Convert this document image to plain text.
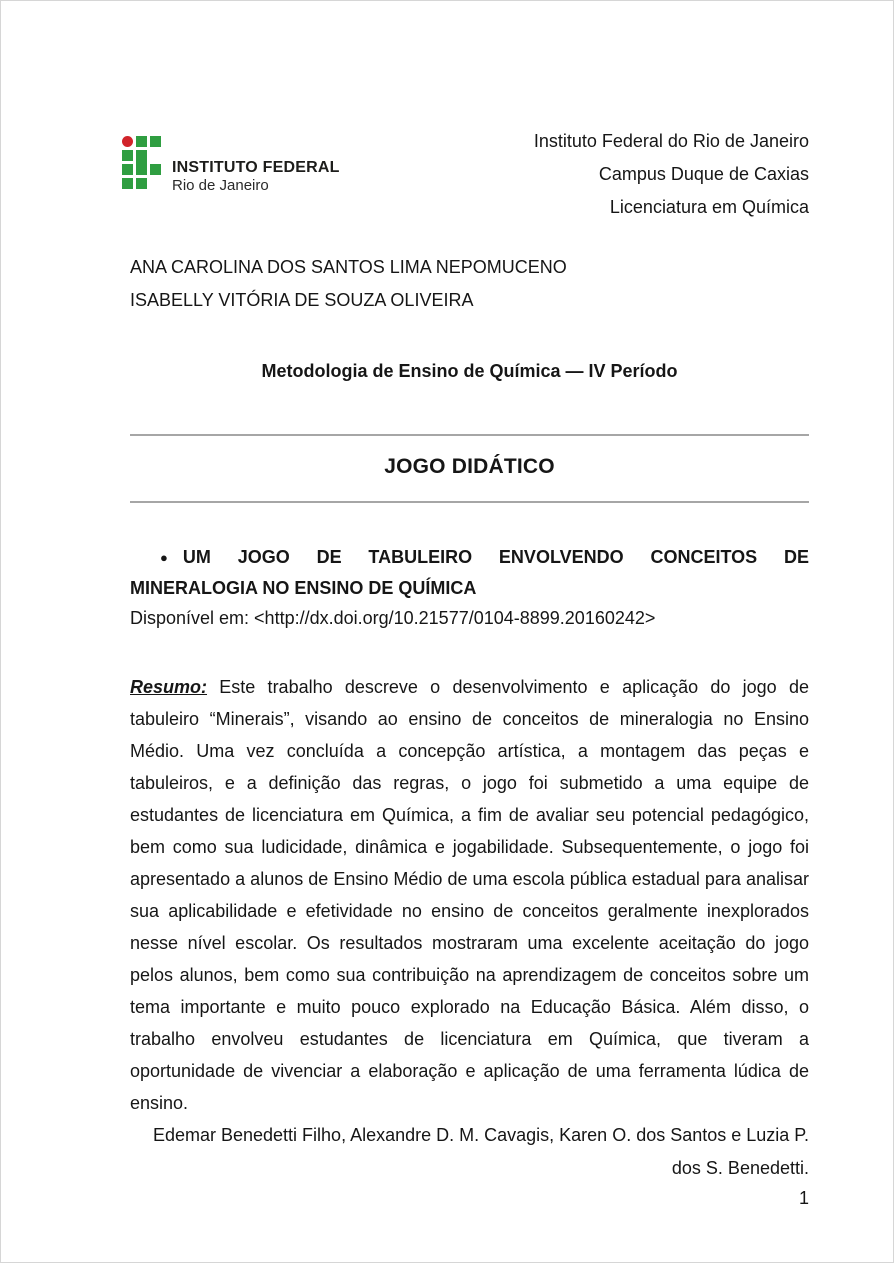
INSTITUTO FEDERAL
Rio de Janeiro
Instituto Federal do Rio de Janeiro
Campus Duque de Caxias
Licenciatura em Química
ANA CAROLINA DOS SANTOS LIMA NEPOMUCENO
ISABELLY VITÓRIA DE SOUZA OLIVEIRA
Metodologia de Ensino de Química — IV Período
JOGO DIDÁTICO
● UM JOGO DE TABULEIRO ENVOLVENDO CONCEITOS DE MINERALOGIA NO ENSINO DE QUÍMICA
Disponível em: <http://dx.doi.org/10.21577/0104-8899.20160242>
Resumo: Este trabalho descreve o desenvolvimento e aplicação do jogo de tabuleiro “Minerais”, visando ao ensino de conceitos de mineralogia no Ensino Médio. Uma vez concluída a concepção artística, a montagem das peças e tabuleiros, e a definição das regras, o jogo foi submetido a uma equipe de estudantes de licenciatura em Química, a fim de avaliar seu potencial pedagógico, bem como sua ludicidade, dinâmica e jogabilidade. Subsequentemente, o jogo foi apresentado a alunos de Ensino Médio de uma escola pública estadual para analisar sua aplicabilidade e efetividade no ensino de conceitos geralmente inexplorados nesse nível escolar. Os resultados mostraram uma excelente aceitação do jogo pelos alunos, bem como sua contribuição na aprendizagem de conceitos sobre um tema importante e muito pouco explorado na Educação Básica. Além disso, o trabalho envolveu estudantes de licenciatura em Química, que tiveram a oportunidade de vivenciar a elaboração e aplicação de uma ferramenta lúdica de ensino.
Edemar Benedetti Filho, Alexandre D. M. Cavagis, Karen O. dos Santos e Luzia P. dos S. Benedetti.
1
